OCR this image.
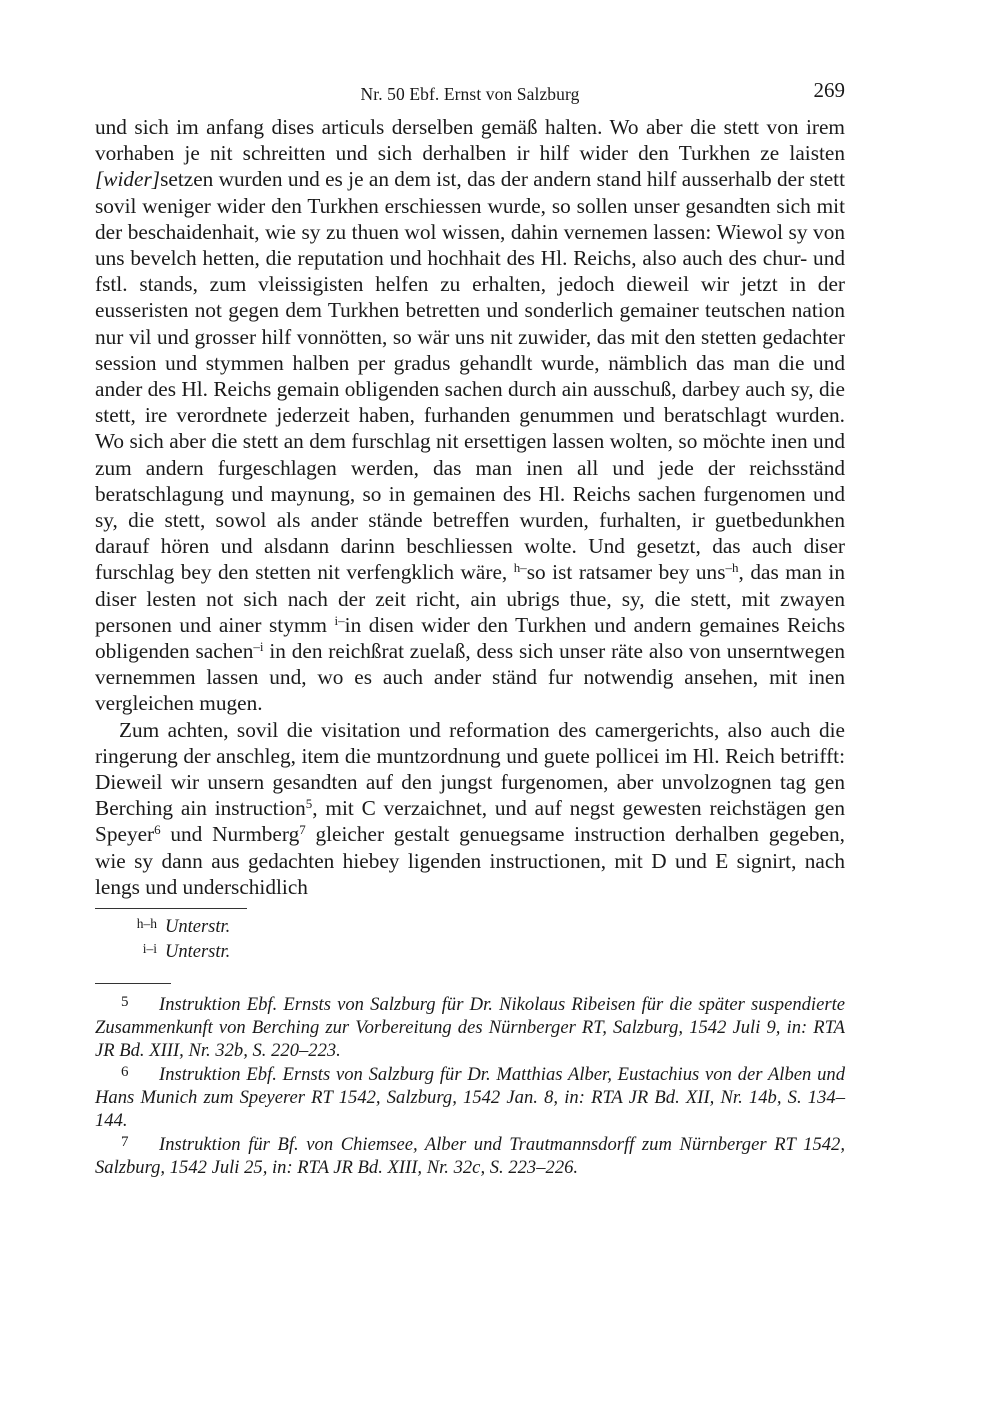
Nr. 50 Ebf. Ernst von Salzburg	269

und sich im anfang dises articuls derselben gemäß halten. Wo aber die stett von irem vorhaben je nit schreitten und sich derhalben ir hilf wider den Turkhen ze laisten [wider]setzen wurden und es je an dem ist, das der andern stand hilf ausserhalb der stett sovil weniger wider den Turkhen erschiessen wurde, so sollen unser gesandten sich mit der beschaidenhait, wie sy zu thuen wol wissen, dahin vernemen lassen: Wiewol sy von uns bevelch hetten, die reputation und hochhait des Hl. Reichs, also auch des chur- und fstl. stands, zum vleissigisten helfen zu erhalten, jedoch dieweil wir jetzt in der eusseristen not gegen dem Turkhen betretten und sonderlich gemainer teutschen nation nur vil und grosser hilf vonnötten, so wär uns nit zuwider, das mit den stetten gedachter session und stymmen halben per gradus gehandlt wurde, nämblich das man die und ander des Hl. Reichs gemain obligenden sachen durch ain ausschuß, darbey auch sy, die stett, ire verordnete jederzeit haben, furhanden genummen und beratschlagt wurden. Wo sich aber die stett an dem furschlag nit ersettigen lassen wolten, so möchte inen und zum andern furgeschlagen werden, das man inen all und jede der reichsständ beratschlagung und maynung, so in gemainen des Hl. Reichs sachen furgenomen und sy, die stett, sowol als ander stände betreffen wurden, furhalten, ir guetbedunkhen darauf hören und alsdann darinn beschliessen wolte. Und gesetzt, das auch diser furschlag bey den stetten nit verfengklich wäre, $^{h-}$so ist ratsamer bey uns$^{-h}$, das man in diser lesten not sich nach der zeit richt, ain ubrigs thue, sy, die stett, mit zwayen personen und ainer stymm $^{i-}$in disen wider den Turkhen und andern gemaines Reichs obligenden sachen$^{-i}$ in den reichßrat zuelaß, dess sich unser räte also von unserntwegen vernemmen lassen und, wo es auch ander ständ fur notwendig ansehen, mit inen vergleichen mugen.

Zum achten, sovil die visitation und reformation des camergerichts, also auch die ringerung der anschleg, item die muntzordnung und guete pollicei im Hl. Reich betrifft: Dieweil wir unsern gesandten auf den jungst furgenomen, aber unvolzognen tag gen Berching ain instruction$^5$, mit C verzaichnet, und auf negst gewesten reichstägen gen Speyer$^6$ und Nurmberg$^7$ gleicher gestalt genuegsame instruction derhalben gegeben, wie sy dann aus gedachten hiebey ligenden instructionen, mit D und E signirt, nach lengs und underschidlich

h–h Unterstr.
i–i Unterstr.

5 Instruktion Ebf. Ernsts von Salzburg für Dr. Nikolaus Ribeisen für die später suspendierte Zusammenkunft von Berching zur Vorbereitung des Nürnberger RT, Salzburg, 1542 Juli 9, in: RTA JR Bd. XIII, Nr. 32b, S. 220–223.

6 Instruktion Ebf. Ernsts von Salzburg für Dr. Matthias Alber, Eustachius von der Alben und Hans Munich zum Speyerer RT 1542, Salzburg, 1542 Jan. 8, in: RTA JR Bd. XII, Nr. 14b, S. 134–144.

7 Instruktion für Bf. von Chiemsee, Alber und Trautmannsdorff zum Nürnberger RT 1542, Salzburg, 1542 Juli 25, in: RTA JR Bd. XIII, Nr. 32c, S. 223–226.
